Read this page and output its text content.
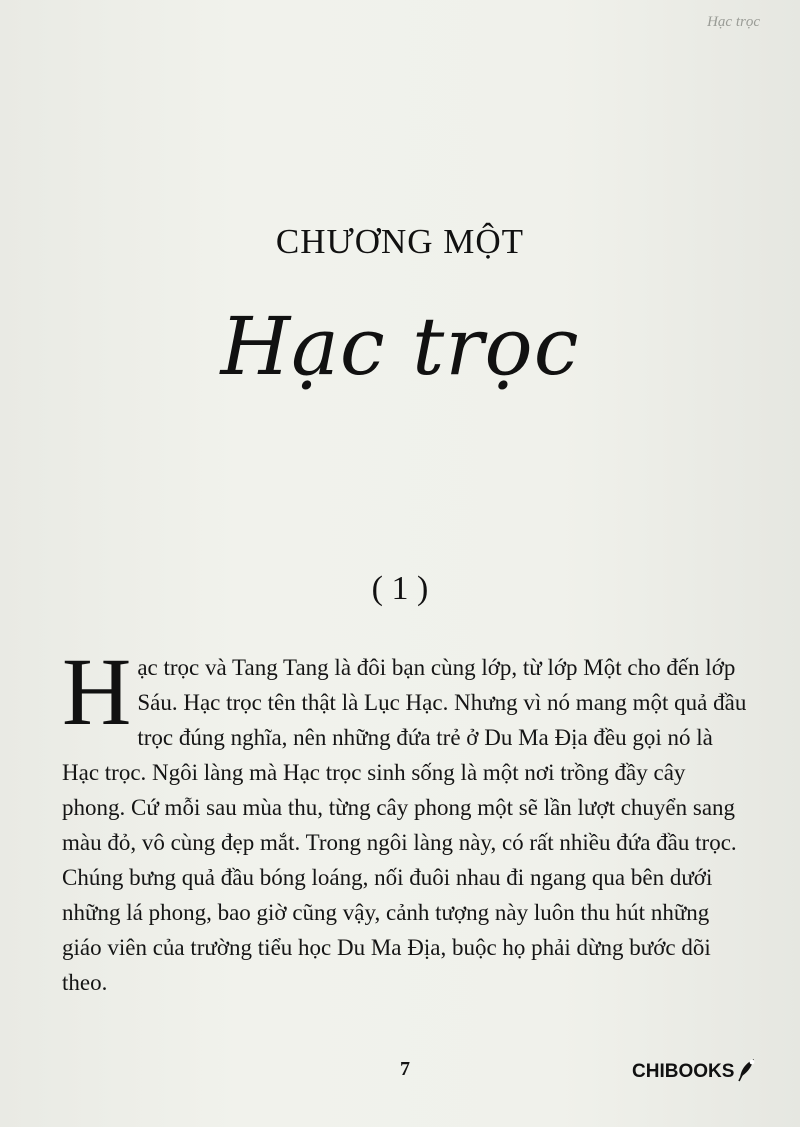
Hạc trọc
CHƯƠNG MỘT
Hạc trọc
( 1 )
H ạc trọc và Tang Tang là đôi bạn cùng lớp, từ lớp Một cho đến lớp Sáu. Hạc trọc tên thật là Lục Hạc. Nhưng vì nó mang một quả đầu trọc đúng nghĩa, nên những đứa trẻ ở Du Ma Địa đều gọi nó là Hạc trọc. Ngôi làng mà Hạc trọc sinh sống là một nơi trồng đầy cây phong. Cứ mỗi sau mùa thu, từng cây phong một sẽ lần lượt chuyển sang màu đỏ, vô cùng đẹp mắt. Trong ngôi làng này, có rất nhiều đứa đầu trọc. Chúng bưng quả đầu bóng loáng, nối đuôi nhau đi ngang qua bên dưới những lá phong, bao giờ cũng vậy, cảnh tượng này luôn thu hút những giáo viên của trường tiểu học Du Ma Địa, buộc họ phải dừng bước dõi theo.

7	CHIBOOKS
